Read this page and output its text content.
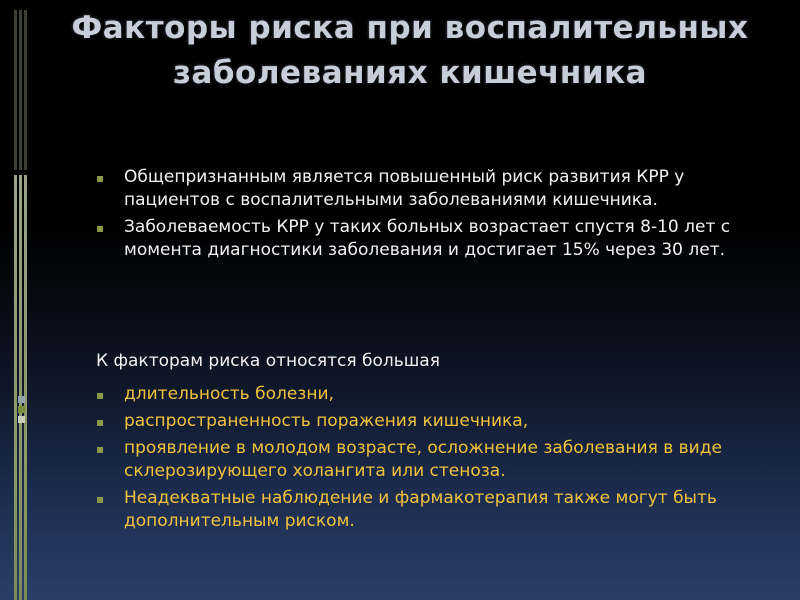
Факторы риска при воспалительных заболеваниях кишечника
▪ Общепризнанным является повышенный риск развития КРР у пациентов с воспалительными заболеваниями кишечника.
▪ Заболеваемость КРР у таких больных возрастает спустя 8-10 лет с момента диагностики заболевания и достигает 15% через 30 лет.

К факторам риска относятся большая

▪ длительность болезни,
▪ распространенность поражения кишечника,
▪ проявление в молодом возрасте, осложнение заболевания в виде склерозирующего холангита или стеноза.
▪ Неадекватные наблюдение и фармакотерапия также могут быть дополнительным риском.
